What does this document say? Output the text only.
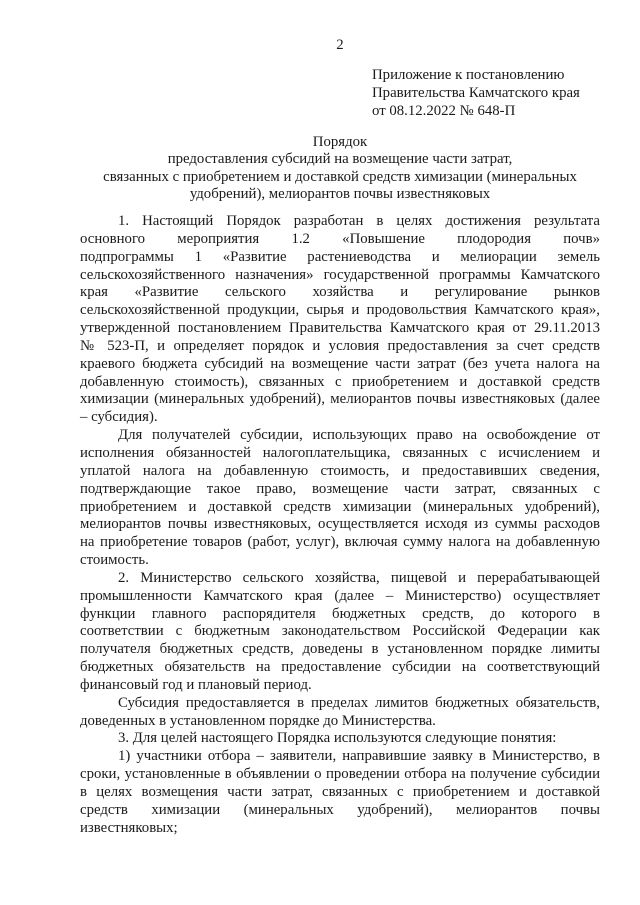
2
Приложение к постановлению
Правительства Камчатского края
от 08.12.2022 № 648-П
Порядок
предоставления субсидий на возмещение части затрат,
связанных с приобретением и доставкой средств химизации (минеральных
удобрений), мелиорантов почвы известняковых
1. Настоящий Порядок разработан в целях достижения результата
основного мероприятия 1.2 «Повышение плодородия почв»
подпрограммы 1 «Развитие растениеводства и мелиорации земель
сельскохозяйственного назначения» государственной программы Камчатского
края «Развитие сельского хозяйства и регулирование рынков
сельскохозяйственной продукции, сырья и продовольствия Камчатского края»,
утвержденной постановлением Правительства Камчатского края от 29.11.2013
№ 523-П, и определяет порядок и условия предоставления за счет средств
краевого бюджета субсидий на возмещение части затрат (без учета налога на
добавленную стоимость), связанных с приобретением и доставкой средств
химизации (минеральных удобрений), мелиорантов почвы известняковых (далее
– субсидия).
Для получателей субсидии, использующих право на освобождение от
исполнения обязанностей налогоплательщика, связанных с исчислением и
уплатой налога на добавленную стоимость, и предоставивших сведения,
подтверждающие такое право, возмещение части затрат, связанных с
приобретением и доставкой средств химизации (минеральных удобрений),
мелиорантов почвы известняковых, осуществляется исходя из суммы расходов
на приобретение товаров (работ, услуг), включая сумму налога на добавленную
стоимость.
2. Министерство сельского хозяйства, пищевой и перерабатывающей
промышленности Камчатского края (далее – Министерство) осуществляет
функции главного распорядителя бюджетных средств, до которого в
соответствии с бюджетным законодательством Российской Федерации как
получателя бюджетных средств, доведены в установленном порядке лимиты
бюджетных обязательств на предоставление субсидии на соответствующий
финансовый год и плановый период.
Субсидия предоставляется в пределах лимитов бюджетных обязательств,
доведенных в установленном порядке до Министерства.
3. Для целей настоящего Порядка используются следующие понятия:
1) участники отбора – заявители, направившие заявку в Министерство, в
сроки, установленные в объявлении о проведении отбора на получение субсидии
в целях возмещения части затрат, связанных с приобретением и доставкой
средств химизации (минеральных удобрений), мелиорантов почвы
известняковых;
